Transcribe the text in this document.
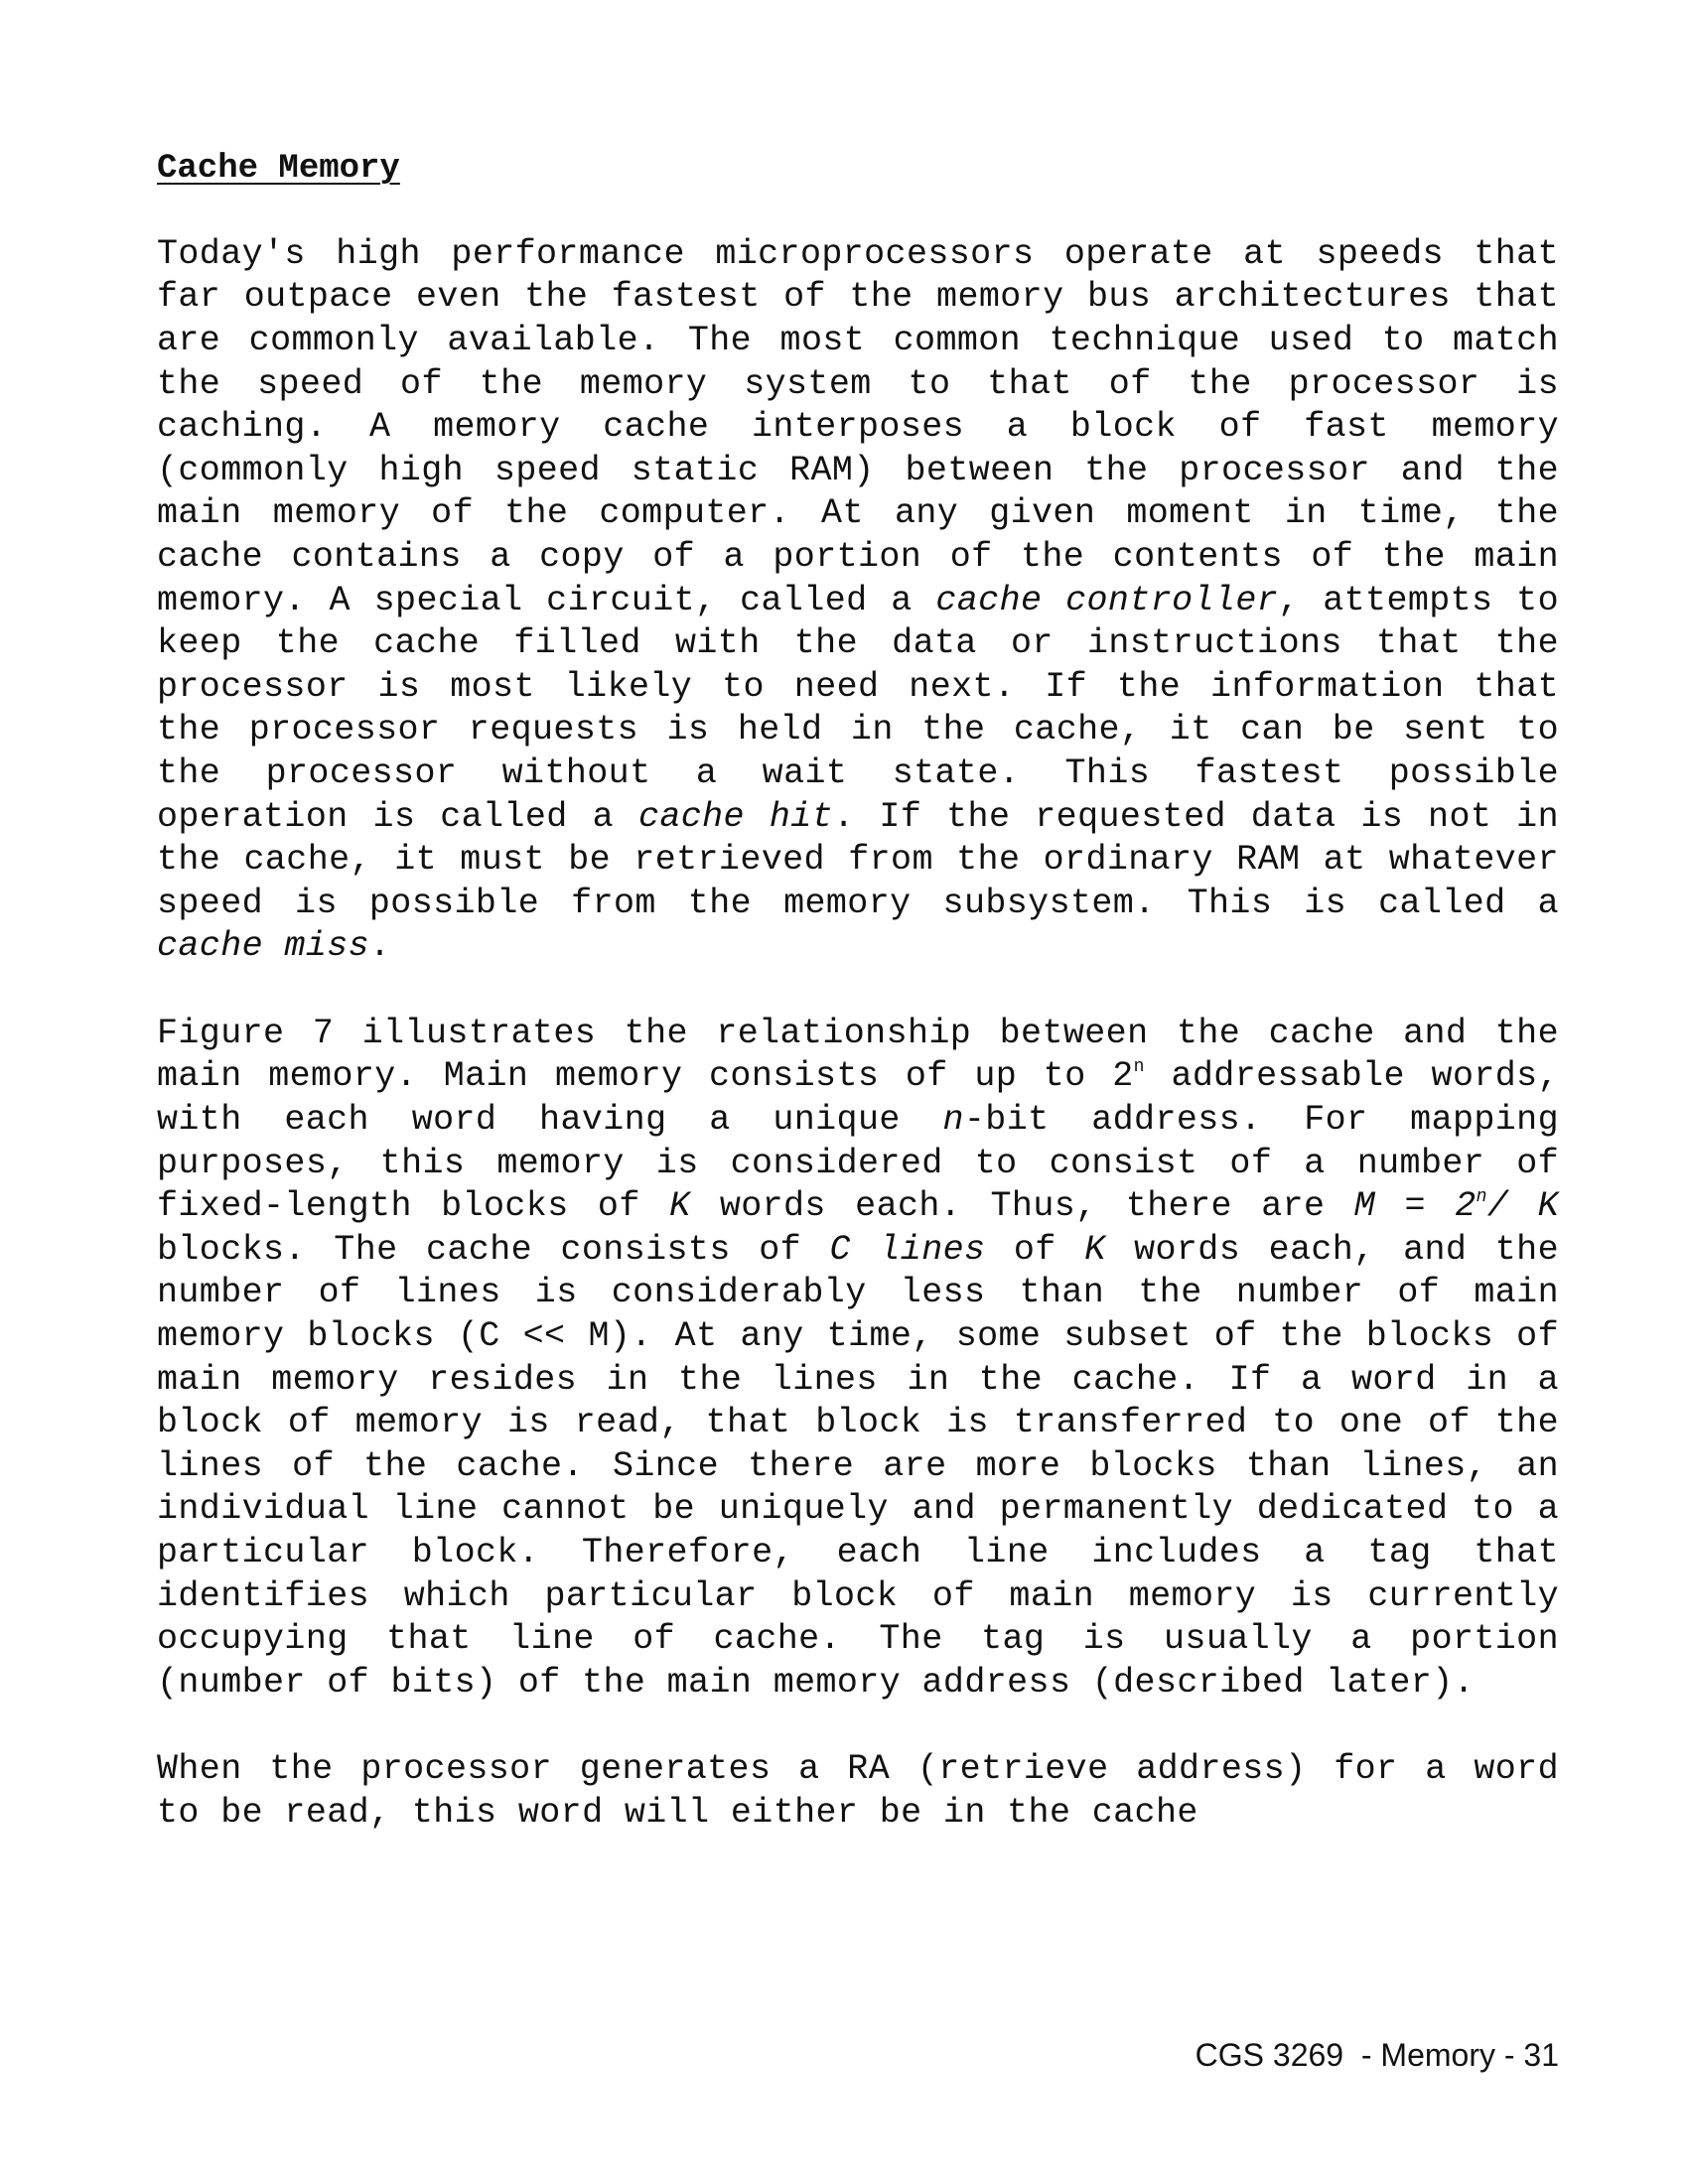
Cache Memory

Today's high performance microprocessors operate at speeds that far outpace even the fastest of the memory bus architectures that are commonly available. The most common technique used to match the speed of the memory system to that of the processor is caching. A memory cache interposes a block of fast memory (commonly high speed static RAM) between the processor and the main memory of the computer. At any given moment in time, the cache contains a copy of a portion of the contents of the main memory. A special circuit, called a cache controller, attempts to keep the cache filled with the data or instructions that the processor is most likely to need next. If the information that the processor requests is held in the cache, it can be sent to the processor without a wait state. This fastest possible operation is called a cache hit. If the requested data is not in the cache, it must be retrieved from the ordinary RAM at whatever speed is possible from the memory subsystem. This is called a cache miss.

Figure 7 illustrates the relationship between the cache and the main memory. Main memory consists of up to 2$^n$ addressable words, with each word having a unique n-bit address. For mapping purposes, this memory is considered to consist of a number of fixed-length blocks of K words each. Thus, there are $M = 2^n/$ K blocks. The cache consists of C lines of K words each, and the number of lines is considerably less than the number of main memory blocks (C << M). At any time, some subset of the blocks of main memory resides in the lines in the cache. If a word in a block of memory is read, that block is transferred to one of the lines of the cache. Since there are more blocks than lines, an individual line cannot be uniquely and permanently dedicated to a particular block. Therefore, each line includes a tag that identifies which particular block of main memory is currently occupying that line of cache. The tag is usually a portion (number of bits) of the main memory address (described later).

When the processor generates a RA (retrieve address) for a word to be read, this word will either be in the cache

CGS 3269  - Memory - 31
